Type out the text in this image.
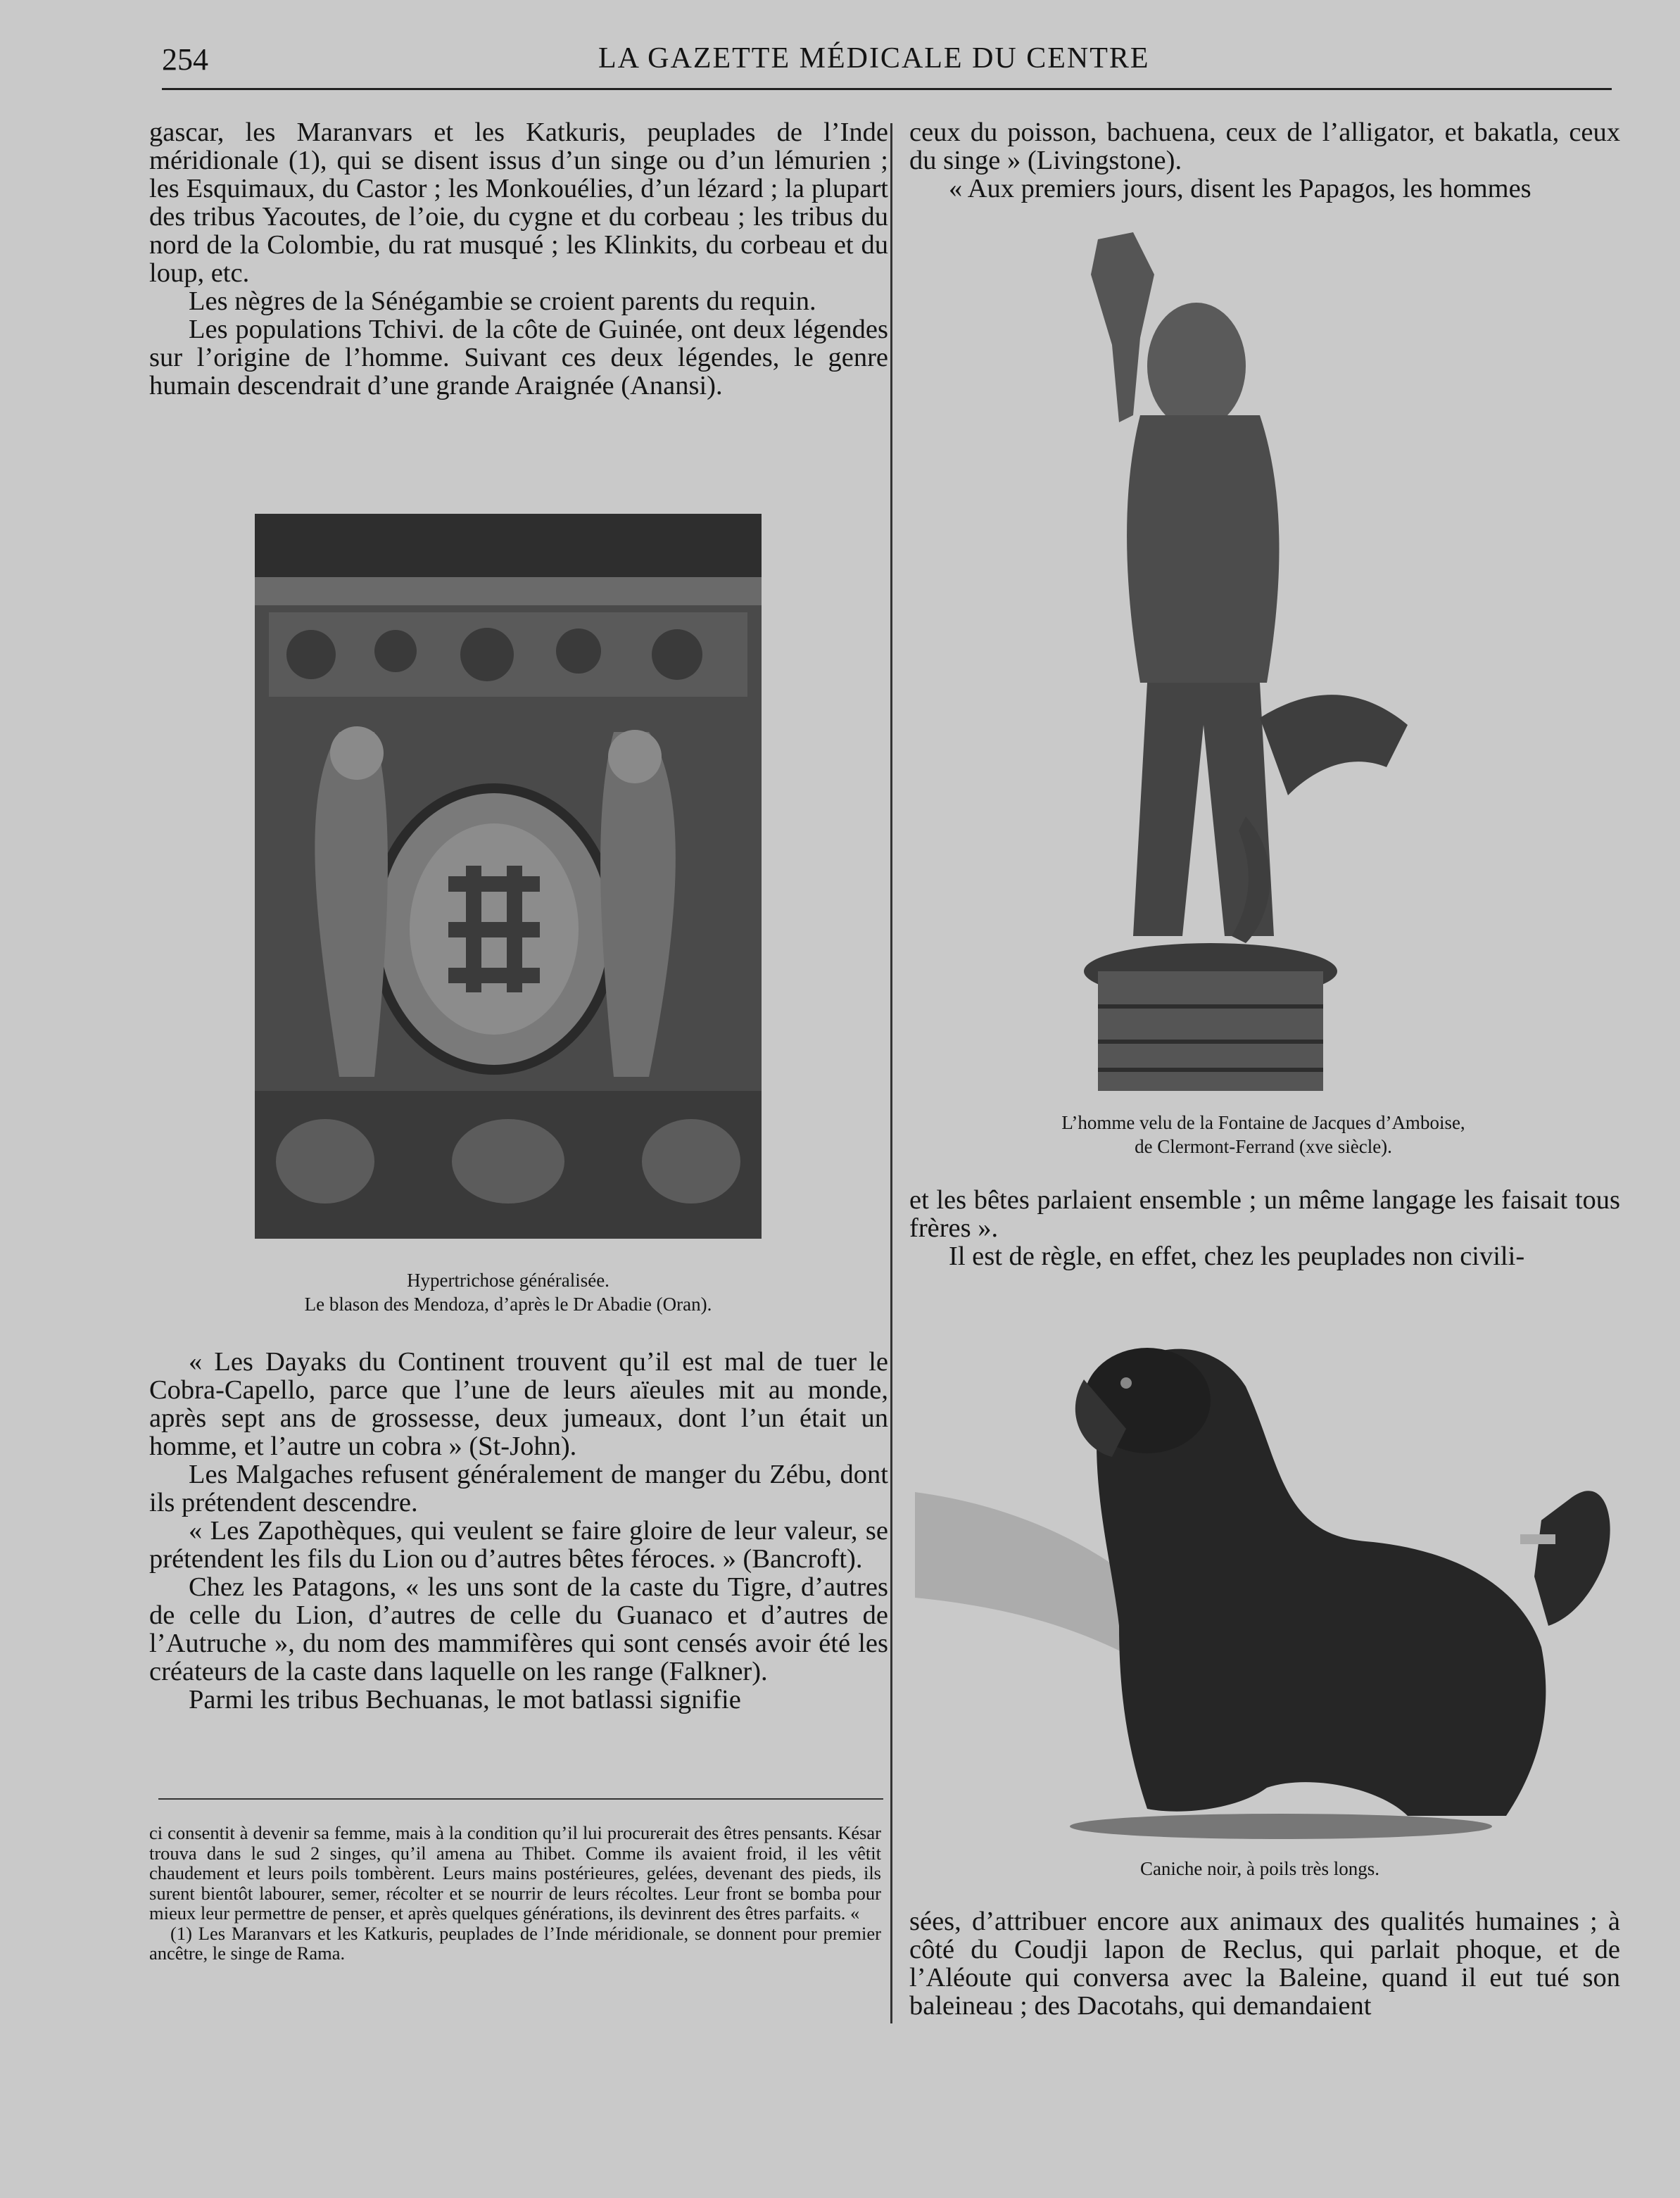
254	LA GAZETTE MÉDICALE DU CENTRE

gascar, les Maranvars et les Katkuris, peuplades de l’Inde méridionale (1), qui se disent issus d’un singe ou d’un lémurien ; les Esquimaux, du Castor ; les Monkouélies, d’un lézard ; la plupart des tribus Yacoutes, de l’oie, du cygne et du corbeau ; les tribus du nord de la Colombie, du rat musqué ; les Klinkits, du corbeau et du loup, etc.

Les nègres de la Sénégambie se croient parents du requin.

Les populations Tchivi. de la côte de Guinée, ont deux légendes sur l’origine de l’homme. Suivant ces deux légendes, le genre humain descendrait d’une grande Araignée (Anansi).

Hypertrichose généralisée.
Le blason des Mendoza, d’après le Dr Abadie (Oran).

« Les Dayaks du Continent trouvent qu’il est mal de tuer le Cobra-Capello, parce que l’une de leurs aïeules mit au monde, après sept ans de grossesse, deux jumeaux, dont l’un était un homme, et l’autre un cobra » (St-John).

Les Malgaches refusent généralement de manger du Zébu, dont ils prétendent descendre.

« Les Zapothèques, qui veulent se faire gloire de leur valeur, se prétendent les fils du Lion ou d’autres bêtes féroces. » (Bancroft).

Chez les Patagons, « les uns sont de la caste du Tigre, d’autres de celle du Lion, d’autres de celle du Guanaco et d’autres de l’Autruche », du nom des mammifères qui sont censés avoir été les créateurs de la caste dans laquelle on les range (Falkner).

Parmi les tribus Bechuanas, le mot batlassi signifie

ci consentit à devenir sa femme, mais à la condition qu’il lui procurerait des êtres pensants. Késar trouva dans le sud 2 singes, qu’il amena au Thibet. Comme ils avaient froid, il les vêtit chaudement et leurs poils tombèrent. Leurs mains postérieures, gelées, devenant des pieds, ils surent bientôt labourer, semer, récolter et se nourrir de leurs récoltes. Leur front se bomba pour mieux leur permettre de penser, et après quelques générations, ils devinrent des êtres parfaits. «

(1) Les Maranvars et les Katkuris, peuplades de l’Inde méridionale, se donnent pour premier ancêtre, le singe de Rama.

ceux du poisson, bachuena, ceux de l’alligator, et bakatla, ceux du singe » (Livingstone).

« Aux premiers jours, disent les Papagos, les hommes

L’homme velu de la Fontaine de Jacques d’Amboise,
de Clermont-Ferrand (xve siècle).

et les bêtes parlaient ensemble ; un même langage les faisait tous frères ».

Il est de règle, en effet, chez les peuplades non civili-

Caniche noir, à poils très longs.

sées, d’attribuer encore aux animaux des qualités humaines ; à côté du Coudji lapon de Reclus, qui parlait phoque, et de l’Aléoute qui conversa avec la Baleine, quand il eut tué son baleineau ; des Dacotahs, qui demandaient
